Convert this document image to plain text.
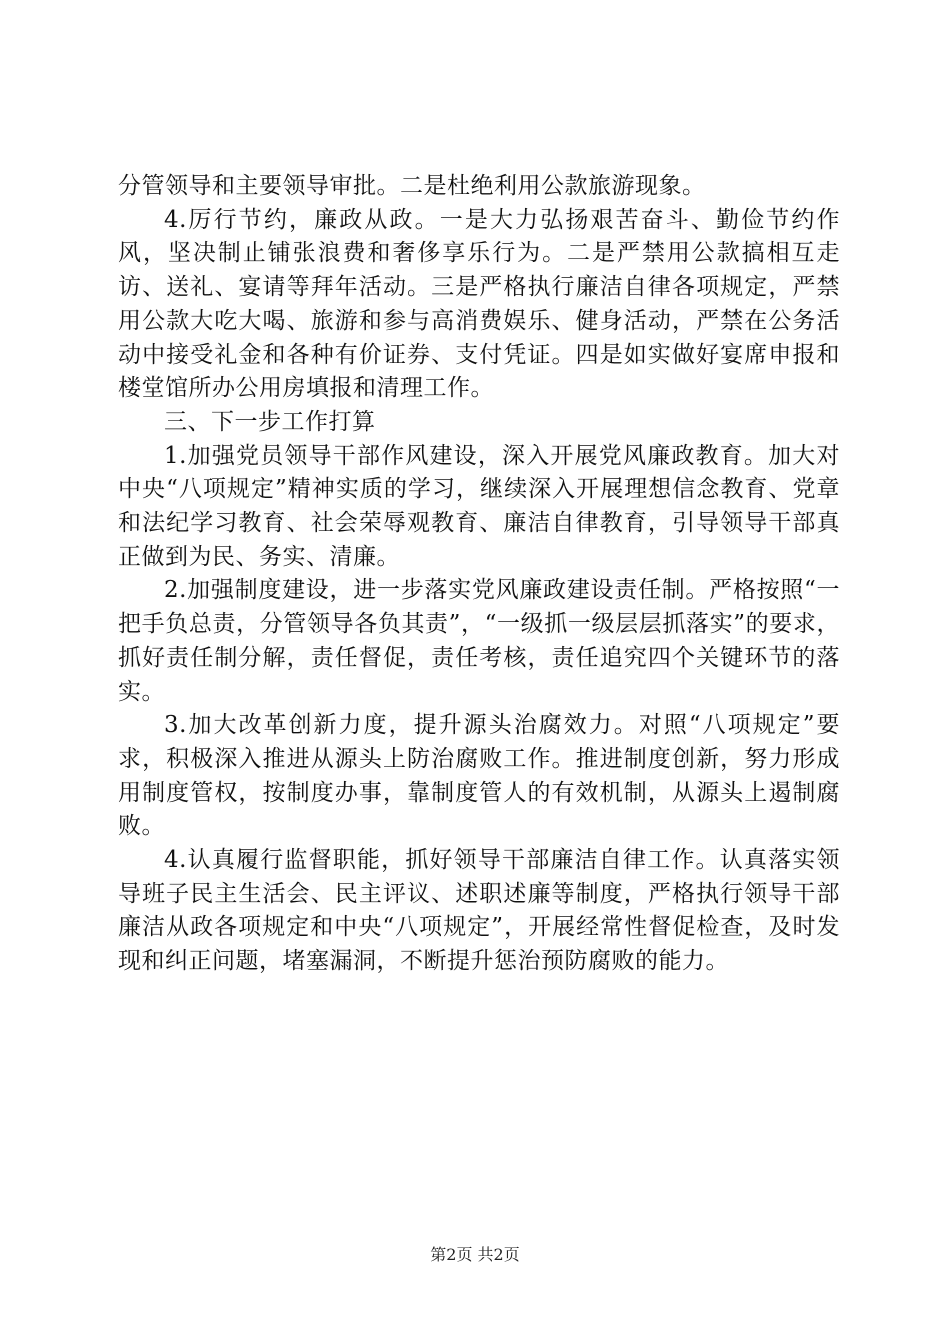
分管领导和主要领导审批。二是杜绝利用公款旅游现象。

4.厉行节约，廉政从政。一是大力弘扬艰苦奋斗、勤俭节约作风，坚决制止铺张浪费和奢侈享乐行为。二是严禁用公款搞相互走访、送礼、宴请等拜年活动。三是严格执行廉洁自律各项规定，严禁用公款大吃大喝、旅游和参与高消费娱乐、健身活动，严禁在公务活动中接受礼金和各种有价证券、支付凭证。四是如实做好宴席申报和楼堂馆所办公用房填报和清理工作。

三、下一步工作打算

1.加强党员领导干部作风建设，深入开展党风廉政教育。加大对中央“八项规定”精神实质的学习，继续深入开展理想信念教育、党章和法纪学习教育、社会荣辱观教育、廉洁自律教育，引导领导干部真正做到为民、务实、清廉。

2.加强制度建设，进一步落实党风廉政建设责任制。严格按照“一把手负总责，分管领导各负其责”，“一级抓一级层层抓落实”的要求，抓好责任制分解，责任督促，责任考核，责任追究四个关键环节的落实。

3.加大改革创新力度，提升源头治腐效力。对照“八项规定”要求，积极深入推进从源头上防治腐败工作。推进制度创新，努力形成用制度管权，按制度办事，靠制度管人的有效机制，从源头上遏制腐败。

4.认真履行监督职能，抓好领导干部廉洁自律工作。认真落实领导班子民主生活会、民主评议、述职述廉等制度，严格执行领导干部廉洁从政各项规定和中央“八项规定”，开展经常性督促检查，及时发现和纠正问题，堵塞漏洞，不断提升惩治预防腐败的能力。

第2页 共2页
